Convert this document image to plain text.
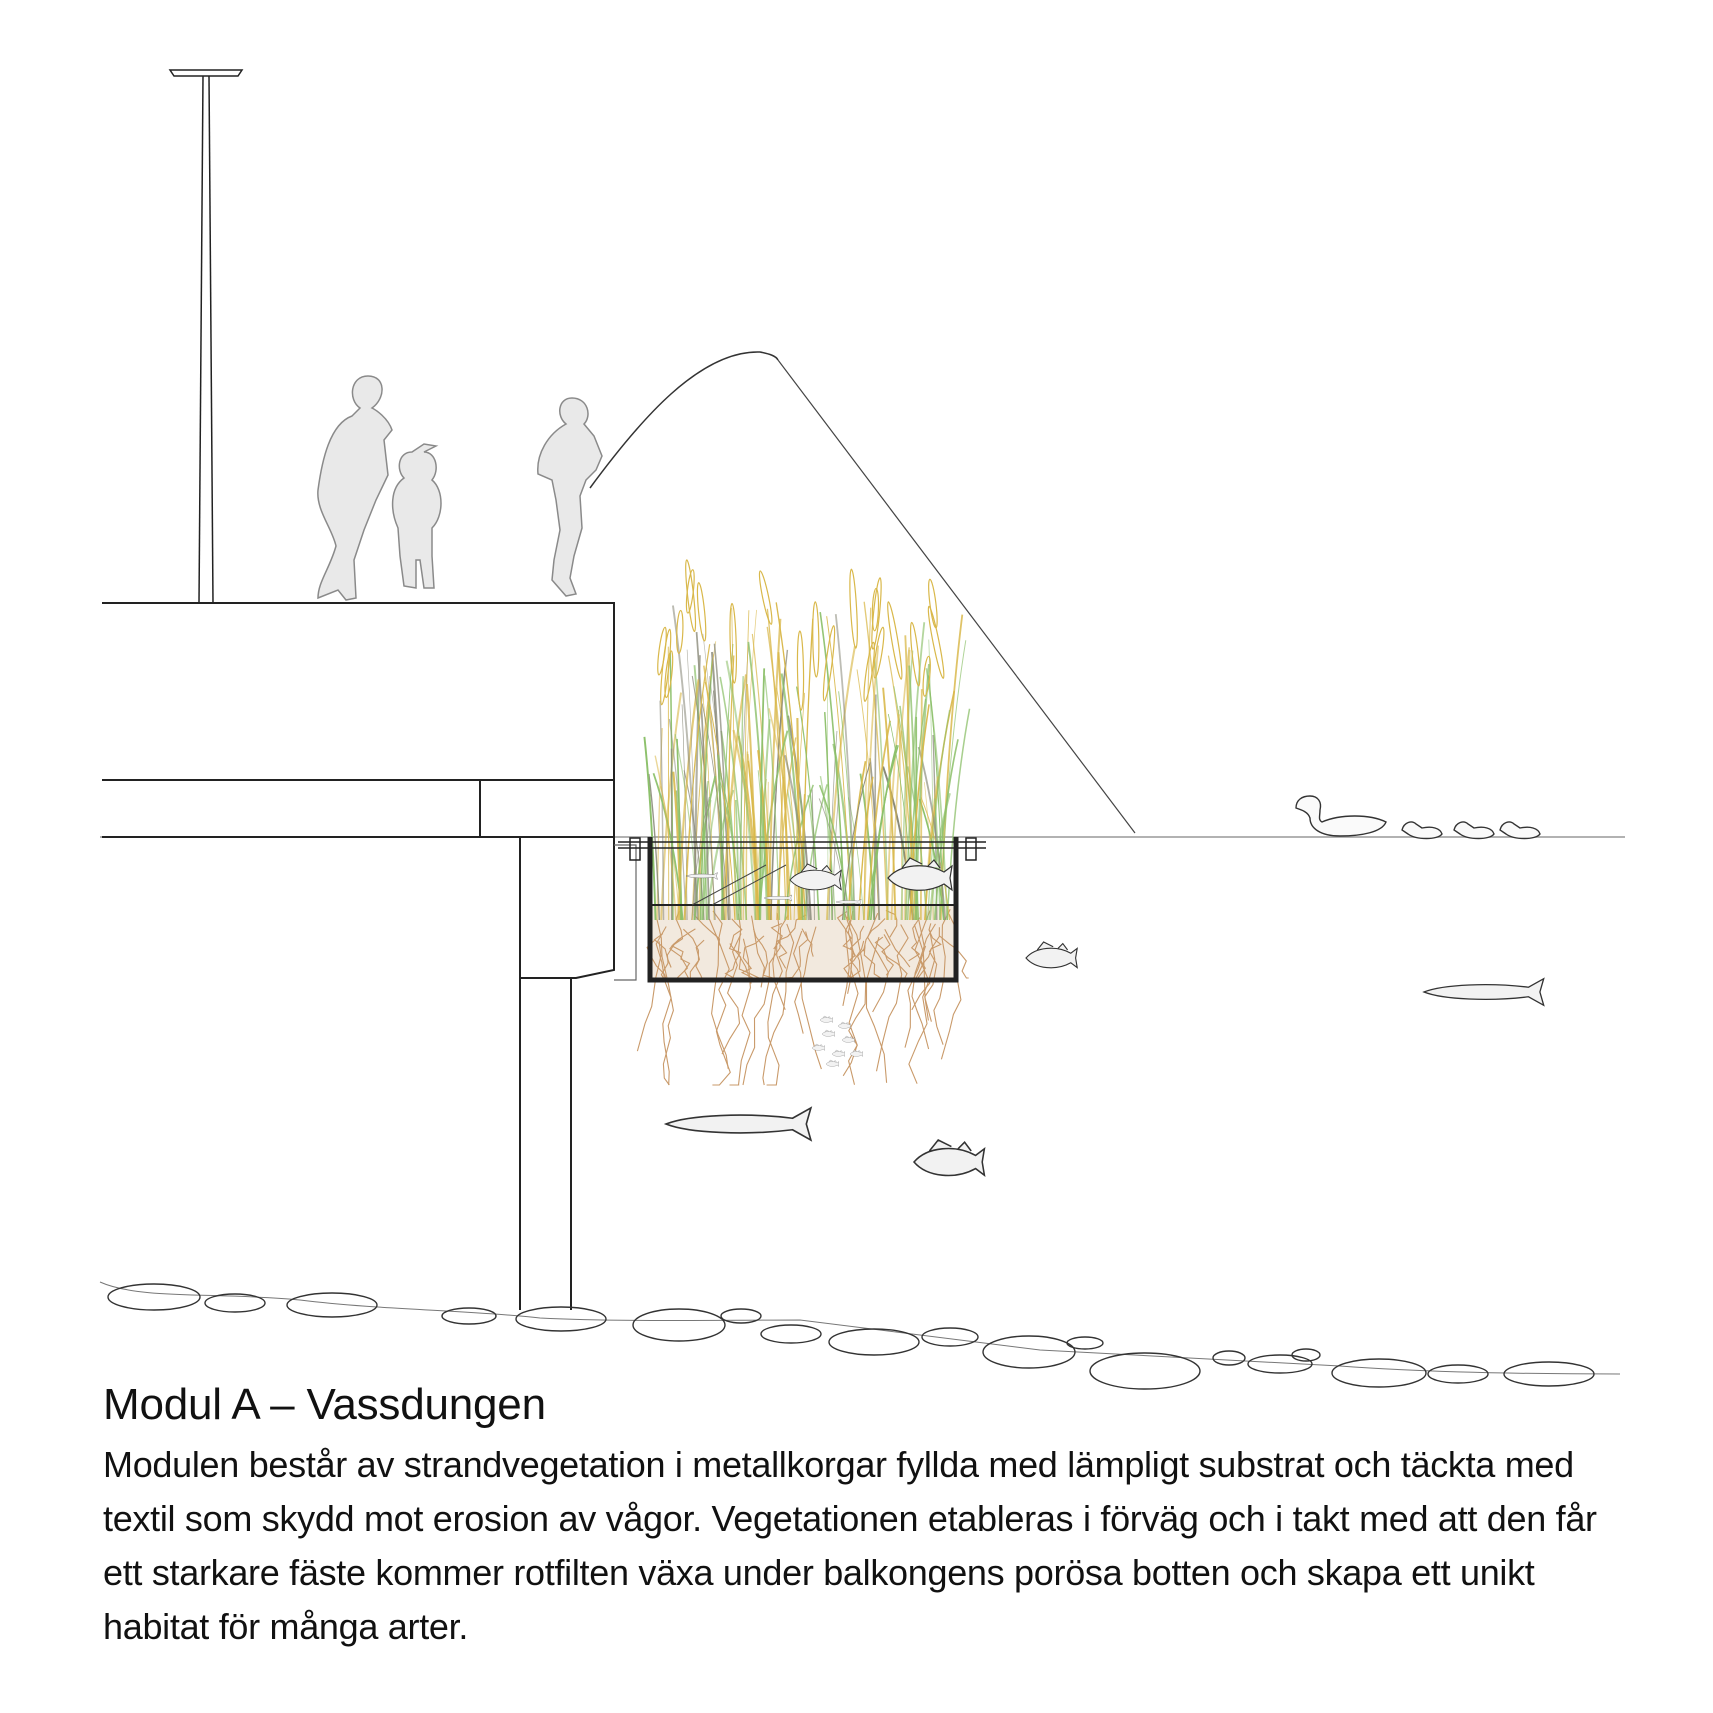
Modul A – Vassdungen

Modulen består av strandvegetation i metallkorgar fyllda med lämpligt substrat och täckta med textil som skydd mot erosion av vågor. Vegetationen etableras i förväg och i takt med att den får ett starkare fäste kommer rotfilten växa under balkongens porösa botten och skapa ett unikt habitat för många arter.
